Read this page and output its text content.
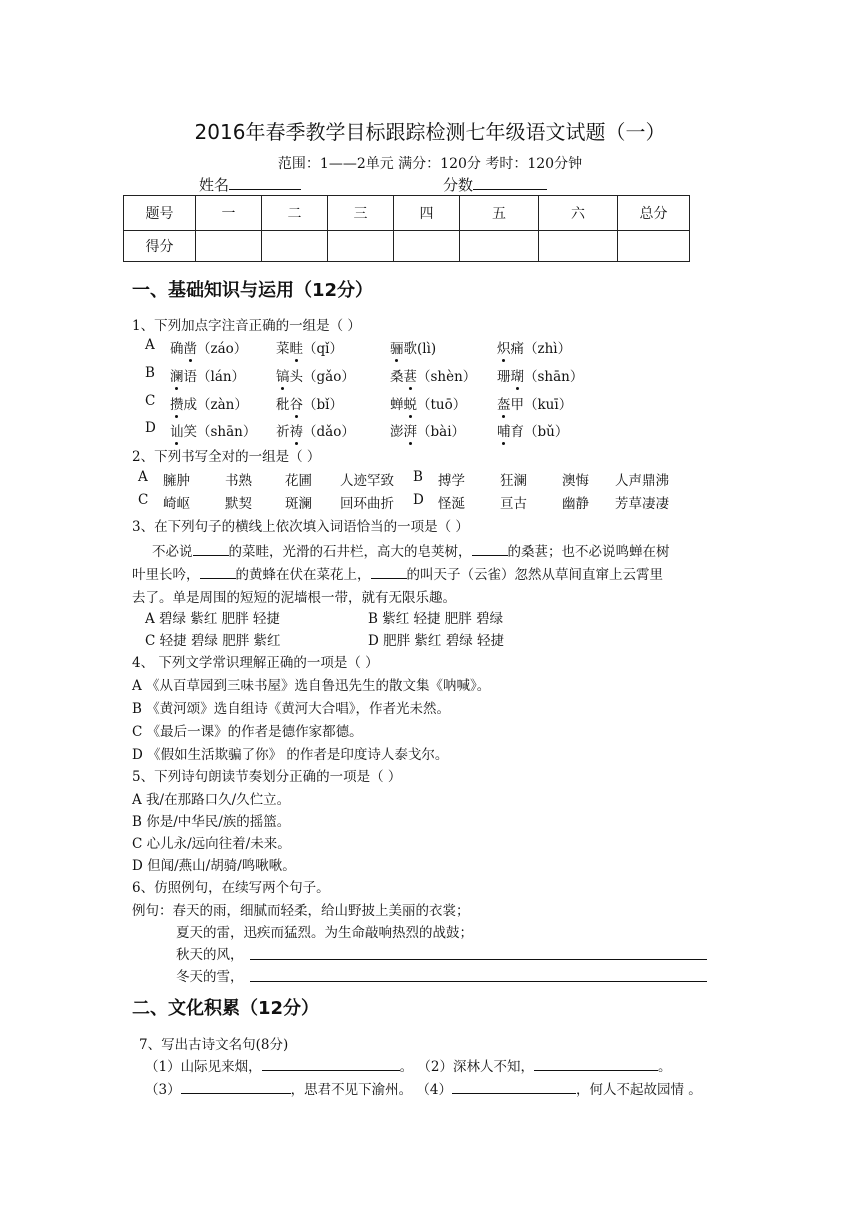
2016年春季教学目标跟踪检测七年级语文试题（一）
范围：1——2单元 满分：120分 考时：120分钟
姓名	分数
题号	一	二	三	四	五	六	总分
得分							
一、基础知识与运用（12分）
1、下列加点字注音正确的一组是（ ）
A 确凿（záo） 菜畦（qǐ）	骊歌(lì)	炽痛（zhì）
B 澜语（lán） 镐头（gǎo）	桑葚（shèn） 珊瑚（shān）
C 攒成（zàn） 秕谷（bǐ）	蝉蜕（tuō） 盔甲（kuī）
D 讪笑（shān） 祈祷（dǎo）	澎湃（bài） 哺育（bǔ）
2、下列书写全对的一组是（ ）
A 臃肿	书熟 花圃 人迹罕致 B 搏学	狂澜	澳悔 人声鼎沸
C 崎岖	默契 斑澜 回环曲折 D 怪涎	亘古	幽静 芳草凄凄
3、在下列句子的横线上依次填入词语恰当的一项是（ ）
不必说	的菜畦，光滑的石井栏，高大的皂荚树，	的桑葚；也不必说鸣蝉在树
叶里长吟，	的黄蜂在伏在菜花上，	的叫天子（云雀）忽然从草间直窜上云霄里
去了。单是周围的短短的泥墙根一带，就有无限乐趣。
A 碧绿 紫红 肥胖 轻捷	B 紫红 轻捷 肥胖 碧绿
C 轻捷 碧绿 肥胖 紫红	D 肥胖 紫红 碧绿 轻捷
4、 下列文学常识理解正确的一项是（ ）
A 《从百草园到三味书屋》选自鲁迅先生的散文集《呐喊》。
B 《黄河颂》选自组诗《黄河大合唱》，作者光未然。
C 《最后一课》的作者是德作家都德。
D 《假如生活欺骗了你》 的作者是印度诗人泰戈尔。
5、下列诗句朗读节奏划分正确的一项是（ ）
A 我/在那路口久/久伫立。
B 你是/中华民/族的摇篮。
C 心儿永/远向往着/未来。
D 但闻/燕山/胡骑/鸣啾啾。
6、仿照例句，在续写两个句子。
例句：春天的雨，细腻而轻柔，给山野披上美丽的衣裳；
夏天的雷，迅疾而猛烈。为生命敲响热烈的战鼓；
秋天的风，
冬天的雪，
二、文化积累（12分）
7、写出古诗文名句(8分)
（1）山际见来烟，	。 （2）深林人不知，	。
（3）	，思君不见下渝州。 （4）	，何人不起故园情 。
